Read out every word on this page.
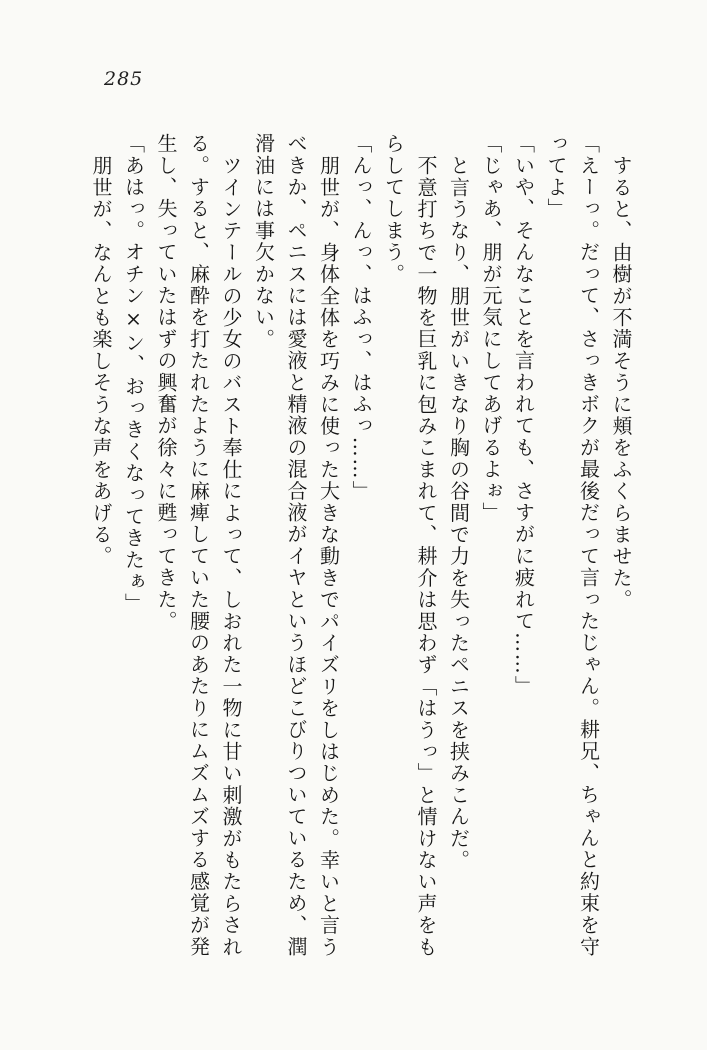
285
すると、由樹が不満そうに頬をふくらませた。
「えーっ。だって、さっきボクが最後だって言ったじゃん。耕兄、ちゃんと約束を守
ってよ」
「いや、そんなことを言われても、さすがに疲れて……」
「じゃあ、朋が元気にしてあげるよぉ」
と言うなり、朋世がいきなり胸の谷間で力を失ったペニスを挟みこんだ。
不意打ちで一物を巨乳に包みこまれて、耕介は思わず「はうっ」と情けない声をも
らしてしまう。
「んっ、んっ、はふっ、はふっ……」
朋世が、身体全体を巧みに使った大きな動きでパイズリをしはじめた。幸いと言う
べきか、ペニスには愛液と精液の混合液がイヤというほどこびりついているため、潤
滑油には事欠かない。
ツインテールの少女のバスト奉仕によって、しおれた一物に甘い刺激がもたらされ
る。すると、麻酔を打たれたように麻痺していた腰のあたりにムズムズする感覚が発
生し、失っていたはずの興奮が徐々に甦ってきた。
「あはっ。オチン×ン、おっきくなってきたぁ」
朋世が、なんとも楽しそうな声をあげる。
